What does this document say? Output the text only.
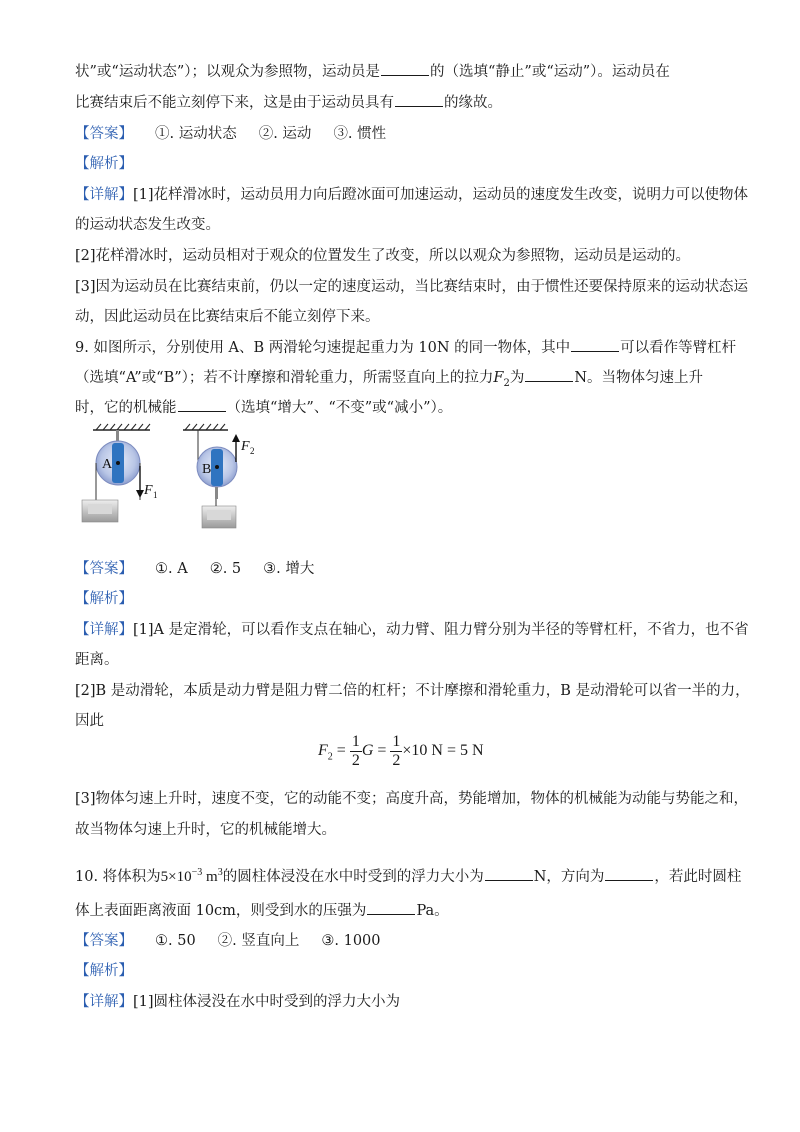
状”或“运动状态”）；以观众为参照物，运动员是	的（选填“静止”或“运动”）。运动员在
比赛结束后不能立刻停下来，这是由于运动员具有	的缘故。
【答案】 ①. 运动状态 ②. 运动 ③. 惯性
【解析】
【详解】[1]花样滑冰时，运动员用力向后蹬冰面可加速运动，运动员的速度发生改变，说明力可以使物体
的运动状态发生改变。
[2]花样滑冰时，运动员相对于观众的位置发生了改变，所以以观众为参照物，运动员是运动的。
[3]因为运动员在比赛结束前，仍以一定的速度运动，当比赛结束时，由于惯性还要保持原来的运动状态运
动，因此运动员在比赛结束后不能立刻停下来。
9. 如图所示，分别使用 A、B 两滑轮匀速提起重力为 10N 的同一物体，其中	可以看作等臂杠杆
（选填“A”或“B”）；若不计摩擦和滑轮重力，所需竖直向上的拉力$F_2$为	N。当物体匀速上升
时，它的机械能	（选填“增大”、“不变”或“减小”）。
A
F 1
B
F 2
【答案】 ①. A ②. 5 ③. 增大
【解析】
【详解】[1]A 是定滑轮，可以看作支点在轴心，动力臂、阻力臂分别为半径的等臂杠杆，不省力，也不省
距离。
[2]B 是动滑轮，本质是动力臂是阻力臂二倍的杠杆；不计摩擦和滑轮重力，B 是动滑轮可以省一半的力，
因此
$F_2 = \frac{1}{2}$ $G = \frac{1}{2} \times 10$ N = 5 N
[3]物体匀速上升时，速度不变，它的动能不变；高度升高，势能增加，物体的机械能为动能与势能之和，
故当物体匀速上升时，它的机械能增大。
10. 将体积为$5\times 10^{-3}$ $m^3$的圆柱体浸没在水中时受到的浮力大小为	N，方向为	，若此时圆柱
体上表面距离液面 10cm，则受到水的压强为	Pa。
【答案】 ①. 50 ②. 竖直向上 ③. 1000
【解析】
【详解】[1]圆柱体浸没在水中时受到的浮力大小为
